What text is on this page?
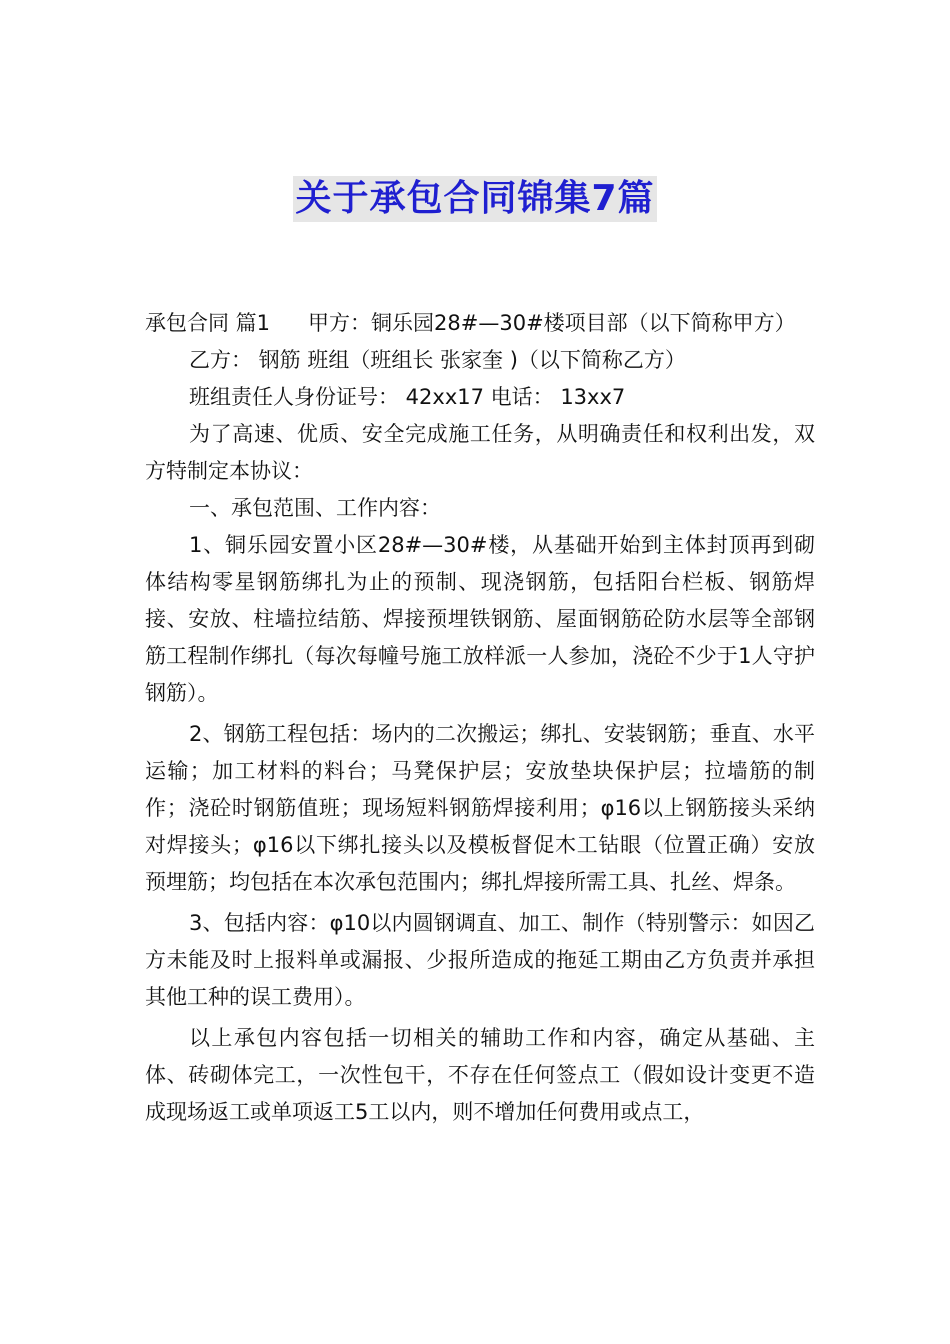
关于承包合同锦集7篇

承包合同 篇1 甲方：铜乐园28#—30#楼项目部（以下简称甲方）

乙方： 钢筋 班组（班组长 张家奎 )（以下简称乙方）

班组责任人身份证号： 42xx17 电话： 13xx7

为了高速、优质、安全完成施工任务，从明确责任和权利出发，双方特制定本协议：

一、承包范围、工作内容：

1、铜乐园安置小区28#—30#楼，从基础开始到主体封顶再到砌体结构零星钢筋绑扎为止的预制、现浇钢筋，包括阳台栏板、钢筋焊接、安放、柱墙拉结筋、焊接预埋铁钢筋、屋面钢筋砼防水层等全部钢筋工程制作绑扎（每次每幢号施工放样派一人参加，浇砼不少于1人守护钢筋）。

2、钢筋工程包括：场内的二次搬运；绑扎、安装钢筋；垂直、水平运输；加工材料的料台；马凳保护层；安放垫块保护层；拉墙筋的制作；浇砼时钢筋值班；现场短料钢筋焊接利用；φ16以上钢筋接头采纳对焊接头；φ16以下绑扎接头以及模板督促木工钻眼（位置正确）安放预埋筋；均包括在本次承包范围内；绑扎焊接所需工具、扎丝、焊条。

3、包括内容：φ10以内圆钢调直、加工、制作（特别警示：如因乙方未能及时上报料单或漏报、少报所造成的拖延工期由乙方负责并承担其他工种的误工费用）。

以上承包内容包括一切相关的辅助工作和内容，确定从基础、主体、砖砌体完工，一次性包干，不存在任何签点工（假如设计变更不造成现场返工或单项返工5工以内，则不增加任何费用或点工，
